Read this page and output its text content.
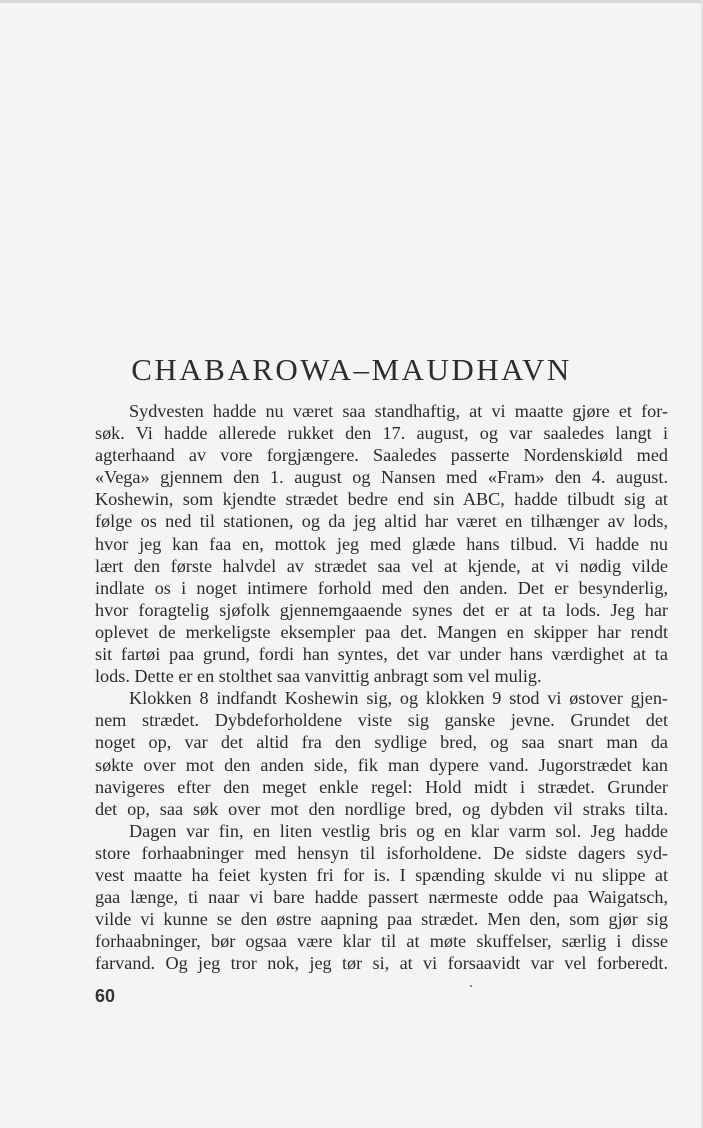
CHABAROWA–MAUDHAVN
Sydvesten hadde nu været saa standhaftig, at vi maatte gjøre et for-
søk. Vi hadde allerede rukket den 17. august, og var saaledes langt i
agterhaand av vore forgjængere. Saaledes passerte Nordenskiøld med
«Vega» gjennem den 1. august og Nansen med «Fram» den 4. august.
Koshewin, som kjendte strædet bedre end sin ABC, hadde tilbudt sig at
følge os ned til stationen, og da jeg altid har været en tilhænger av lods,
hvor jeg kan faa en, mottok jeg med glæde hans tilbud. Vi hadde nu
lært den første halvdel av strædet saa vel at kjende, at vi nødig vilde
indlate os i noget intimere forhold med den anden. Det er besynderlig,
hvor foragtelig sjøfolk gjennemgaaende synes det er at ta lods. Jeg har
oplevet de merkeligste eksempler paa det. Mangen en skipper har rendt
sit fartøi paa grund, fordi han syntes, det var under hans værdighet at ta
lods. Dette er en stolthet saa vanvittig anbragt som vel mulig.
Klokken 8 indfandt Koshewin sig, og klokken 9 stod vi østover gjen-
nem strædet. Dybdeforholdene viste sig ganske jevne. Grundet det
noget op, var det altid fra den sydlige bred, og saa snart man da
søkte over mot den anden side, fik man dypere vand. Jugorstrædet kan
navigeres efter den meget enkle regel: Hold midt i strædet. Grunder
det op, saa søk over mot den nordlige bred, og dybden vil straks tilta.
Dagen var fin, en liten vestlig bris og en klar varm sol. Jeg hadde
store forhaabninger med hensyn til isforholdene. De sidste dagers syd-
vest maatte ha feiet kysten fri for is. I spænding skulde vi nu slippe at
gaa længe, ti naar vi bare hadde passert nærmeste odde paa Waigatsch,
vilde vi kunne se den østre aapning paa strædet. Men den, som gjør sig
forhaabninger, bør ogsaa være klar til at møte skuffelser, særlig i disse
farvand. Og jeg tror nok, jeg tør si, at vi forsaavidt var vel forberedt.
60
